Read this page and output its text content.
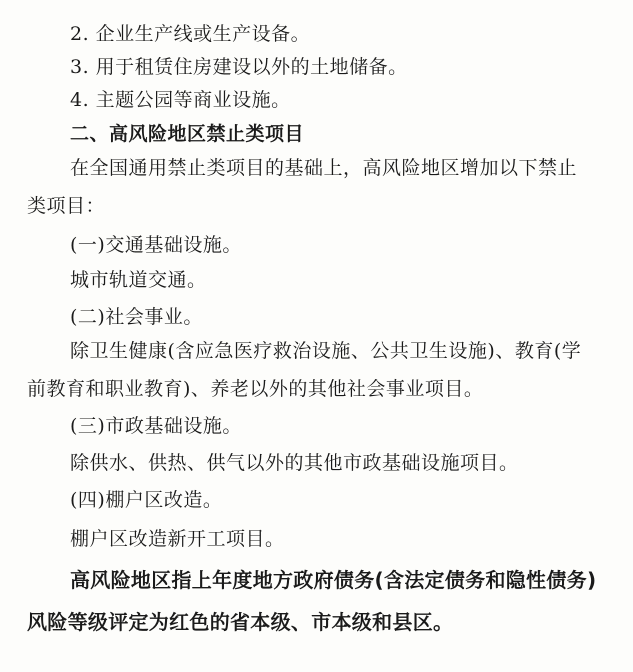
2. 企业生产线或生产设备。
3. 用于租赁住房建设以外的土地储备。
4. 主题公园等商业设施。
二、高风险地区禁止类项目
在全国通用禁止类项目的基础上，高风险地区增加以下禁止
类项目：
(一)交通基础设施。
城市轨道交通。
(二)社会事业。
除卫生健康(含应急医疗救治设施、公共卫生设施)、教育(学
前教育和职业教育)、养老以外的其他社会事业项目。
(三)市政基础设施。
除供水、供热、供气以外的其他市政基础设施项目。
(四)棚户区改造。
棚户区改造新开工项目。
高风险地区指上年度地方政府债务(含法定债务和隐性债务)
风险等级评定为红色的省本级、市本级和县区。
